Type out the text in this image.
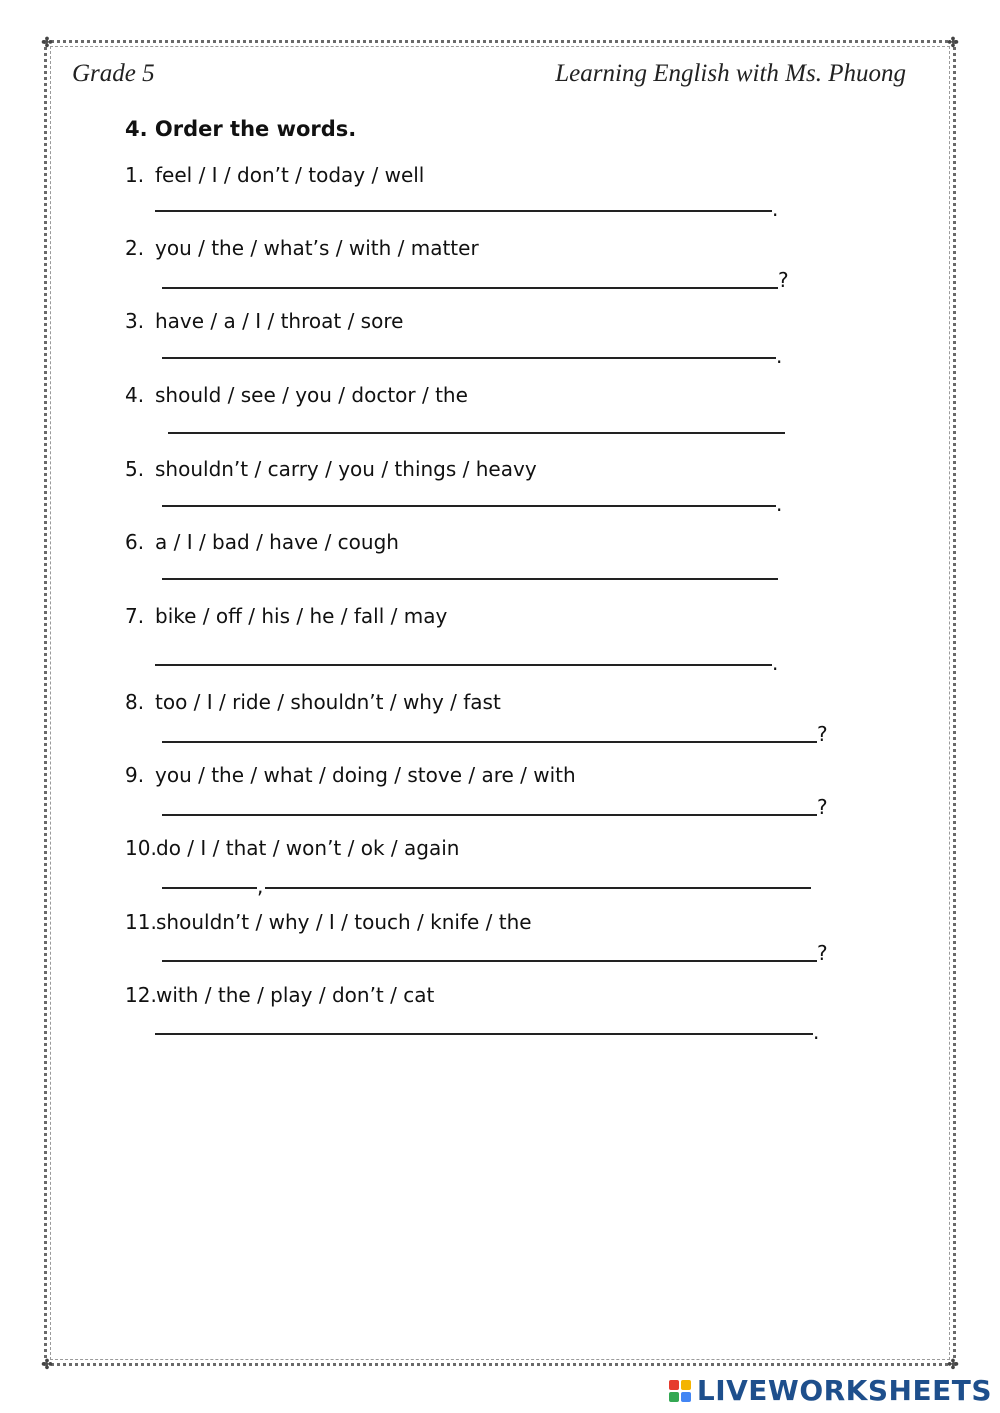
✤	✤
✤	✤
Grade 5	Learning English with Ms. Phuong
4. Order the words.
1. feel / I / don’t / today / well
.
2. you / the / what’s / with / matter
?
3. have / a / I / throat / sore
.
4. should / see / you / doctor / the
5. shouldn’t / carry / you / things / heavy
.
6. a / I / bad / have / cough
7. bike / off / his / he / fall / may
.
8. too / I / ride / shouldn’t / why / fast
?
9. you / the / what / doing / stove / are / with
?
10.do / I / that / won’t / ok / again
,
11.shouldn’t / why / I / touch / knife / the
?
12.with / the / play / don’t / cat
.
LIVEWORKSHEETS
